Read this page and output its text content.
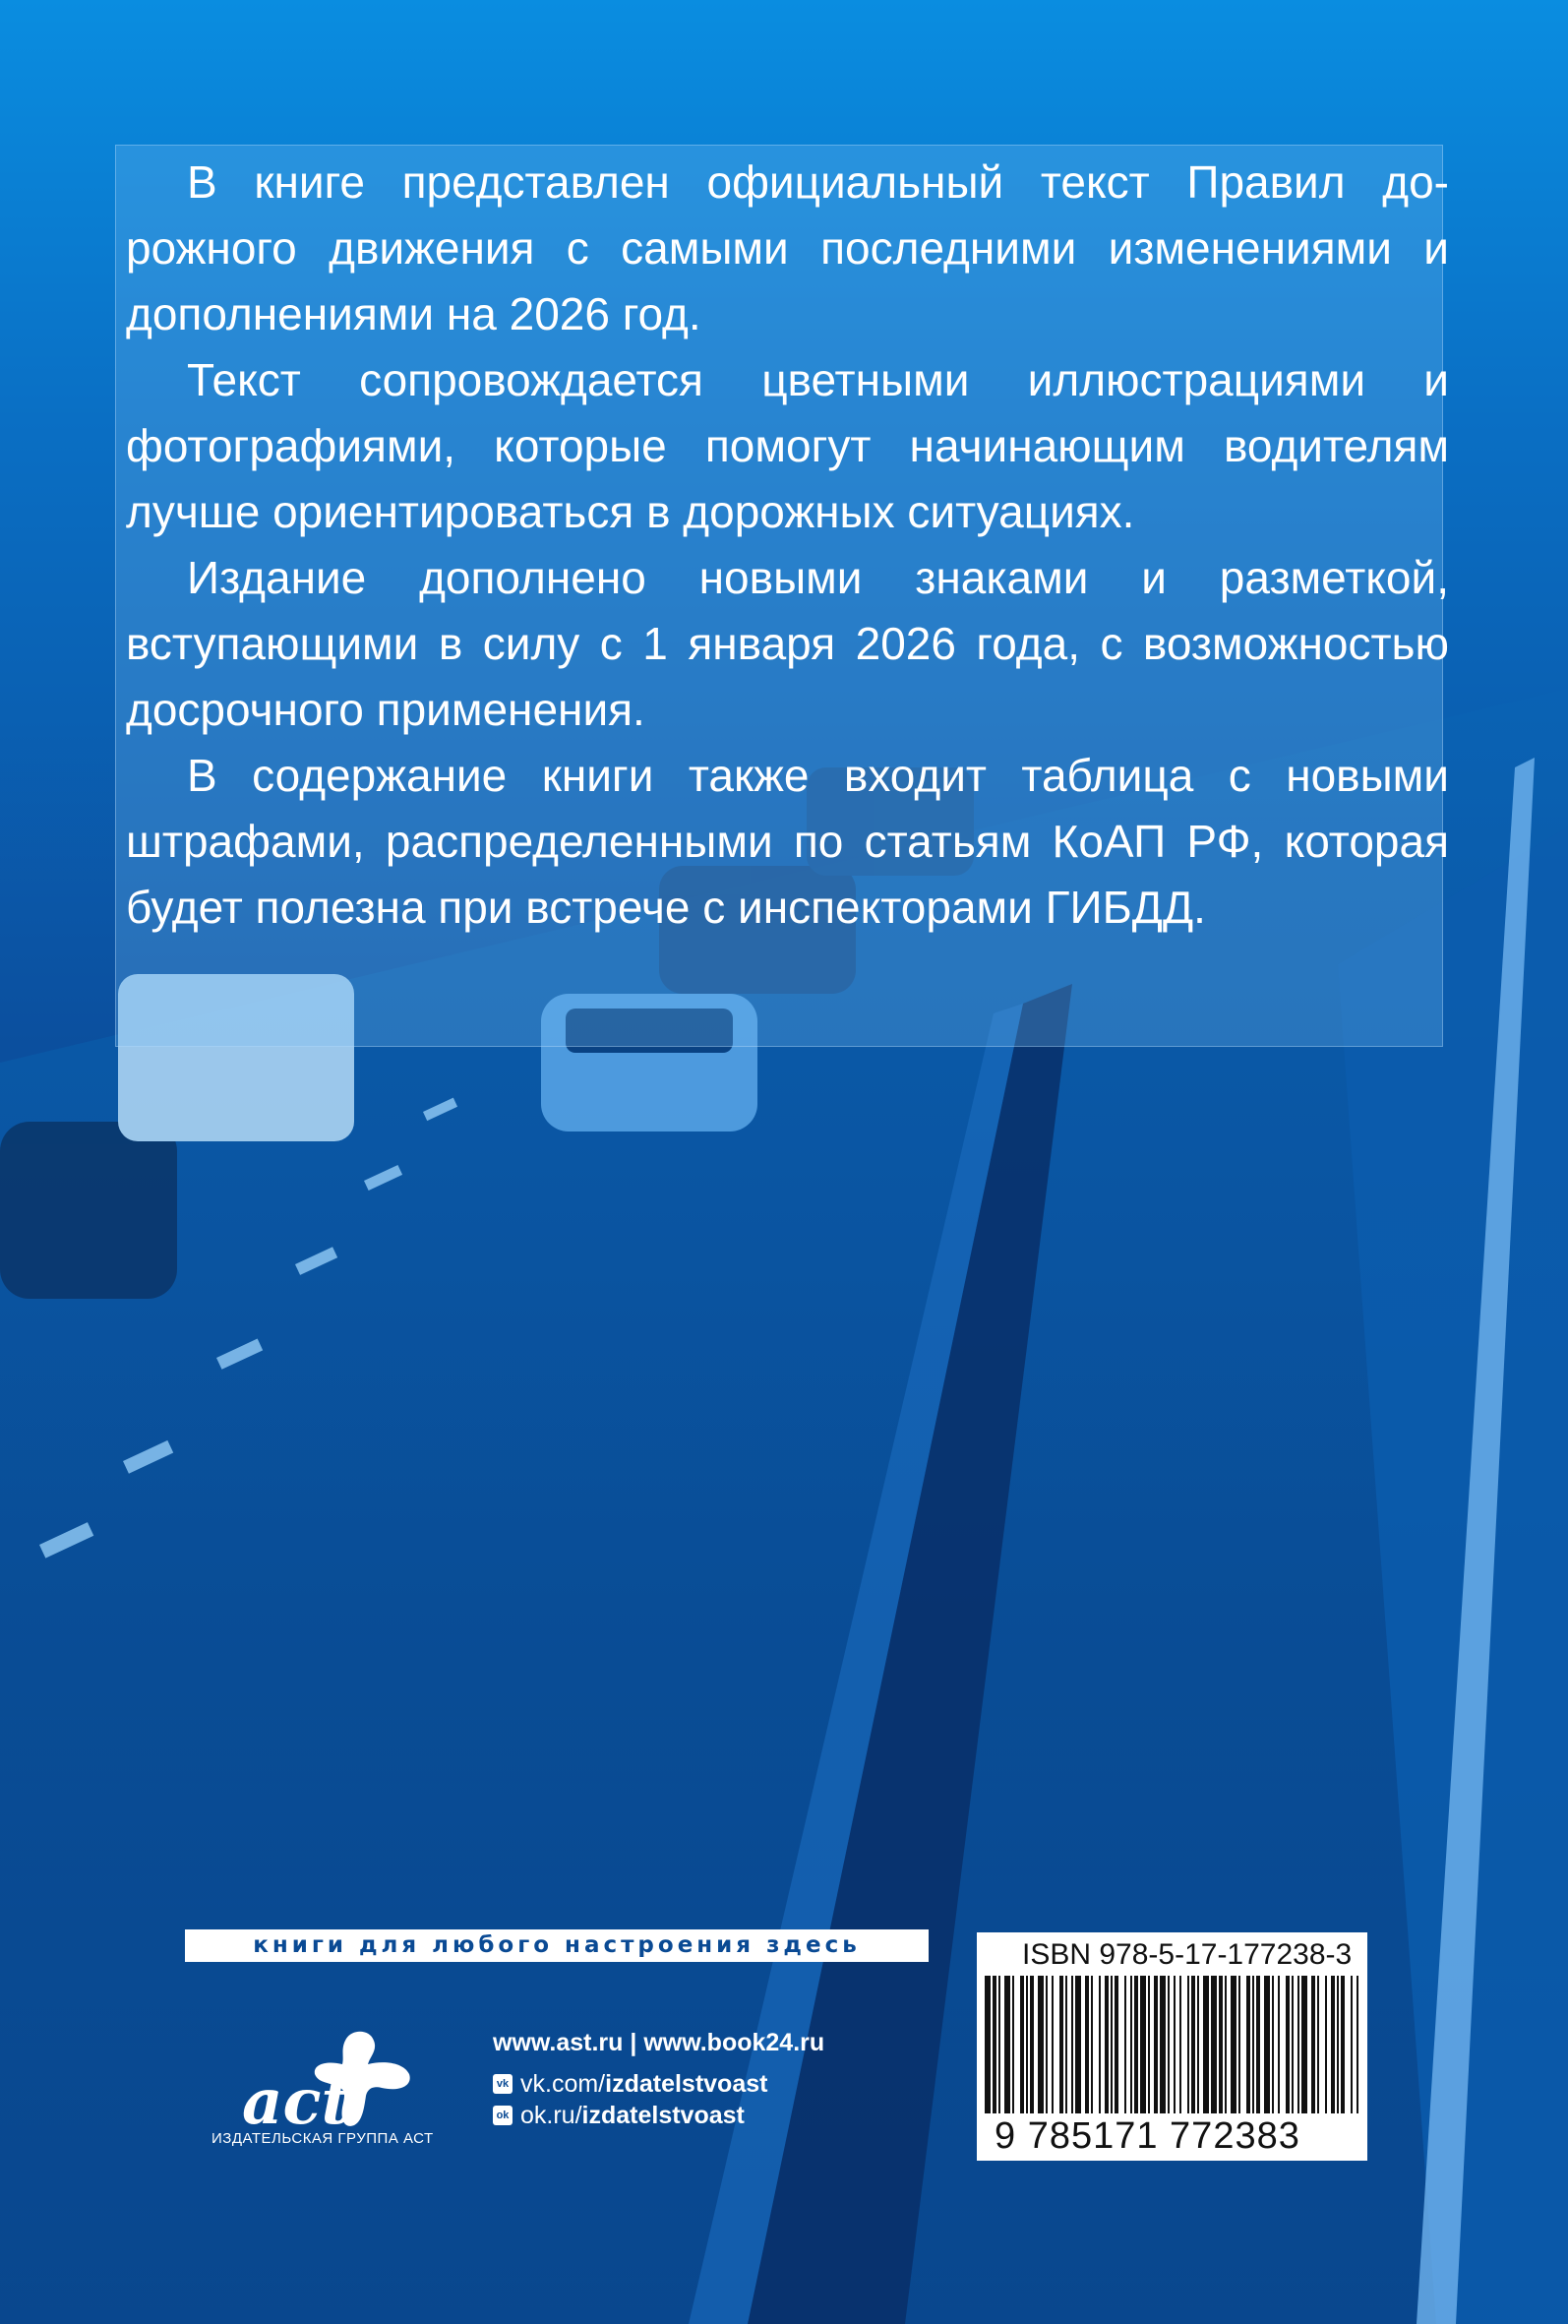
В книге представлен официальный текст Правил дорожного движения с самыми последними изменениями и дополнениями на 2026 год.

Текст сопровождается цветными иллюстрациями и фотографиями, которые помогут начинающим водителям лучше ориентироваться в дорожных ситуациях.

Издание дополнено новыми знаками и разметкой, вступающими в силу с 1 января 2026 года, с возможностью досрочного применения.

В содержание книги также входит таблица с новыми штрафами, распределенными по статьям КоАП РФ, которая будет полезна при встрече с инспекторами ГИБДД.

книги для любого настроения здесь
act
ИЗДАТЕЛЬСКАЯ ГРУППА АСТ
www.ast.ru | www.book24.ru
vk vk.com/ izdatelstvoast
ok ok.ru/ izdatelstvoast
ISBN 978-5-17-177238-3
9 785171 772383
